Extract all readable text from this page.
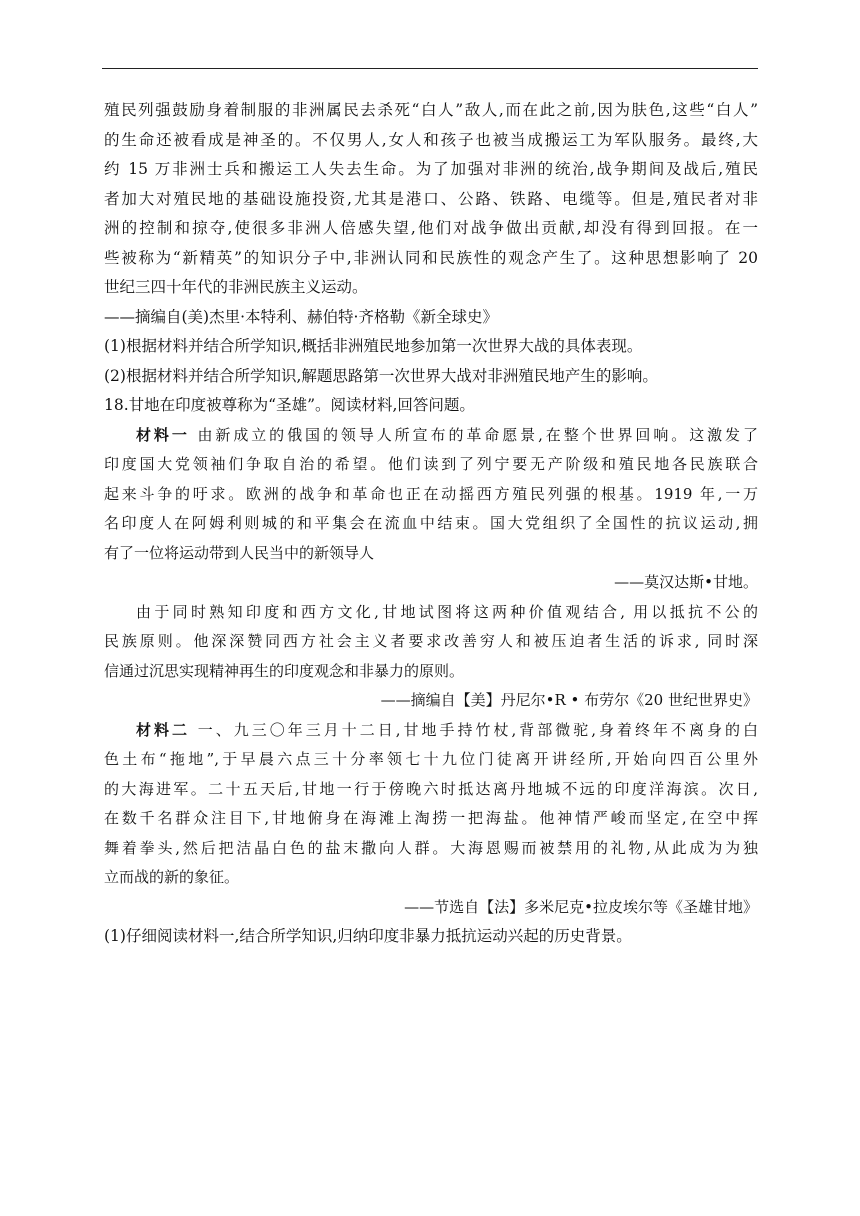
殖民列强鼓励身着制服的非洲属民去杀死“白人”敌人,而在此之前,因为肤色,这些“白人”
的生命还被看成是神圣的。不仅男人,女人和孩子也被当成搬运工为军队服务。最终,大
约 15 万非洲士兵和搬运工人失去生命。为了加强对非洲的统治,战争期间及战后,殖民
者加大对殖民地的基础设施投资,尤其是港口、公路、铁路、电缆等。但是,殖民者对非
洲的控制和掠夺,使很多非洲人倍感失望,他们对战争做出贡献,却没有得到回报。在一
些被称为“新精英”的知识分子中,非洲认同和民族性的观念产生了。这种思想影响了 20
世纪三四十年代的非洲民族主义运动。
——摘编自(美)杰里·本特利、赫伯特·齐格勒《新全球史》
(1)根据材料并结合所学知识,概括非洲殖民地参加第一次世界大战的具体表现。
(2)根据材料并结合所学知识,解题思路第一次世界大战对非洲殖民地产生的影响。
18.甘地在印度被尊称为“圣雄”。阅读材料,回答问题。
材料一 由新成立的俄国的领导人所宣布的革命愿景,在整个世界回响。这激发了
印度国大党领袖们争取自治的希望。他们读到了列宁要无产阶级和殖民地各民族联合
起来斗争的吁求。欧洲的战争和革命也正在动摇西方殖民列强的根基。1919 年,一万
名印度人在阿姆利则城的和平集会在流血中结束。国大党组织了全国性的抗议运动,拥
有了一位将运动带到人民当中的新领导人
——莫汉达斯•甘地。
由于同时熟知印度和西方文化,甘地试图将这两种价值观结合, 用以抵抗不公的
民族原则。他深深赞同西方社会主义者要求改善穷人和被压迫者生活的诉求, 同时深
信通过沉思实现精神再生的印度观念和非暴力的原则。
——摘编自【美】丹尼尔•R • 布劳尔《20 世纪世界史》
材料二 一、九三〇年三月十二日,甘地手持竹杖,背部微驼,身着终年不离身的白
色土布“拖地”,于早晨六点三十分率领七十九位门徒离开讲经所,开始向四百公里外
的大海进军。二十五天后,甘地一行于傍晚六时抵达离丹地城不远的印度洋海滨。次日,
在数千名群众注目下,甘地俯身在海滩上淘捞一把海盐。他神情严峻而坚定,在空中挥
舞着拳头,然后把洁晶白色的盐末撒向人群。大海恩赐而被禁用的礼物,从此成为为独
立而战的新的象征。
——节选自【法】多米尼克•拉皮埃尔等《圣雄甘地》
(1)仔细阅读材料一,结合所学知识,归纳印度非暴力抵抗运动兴起的历史背景。
